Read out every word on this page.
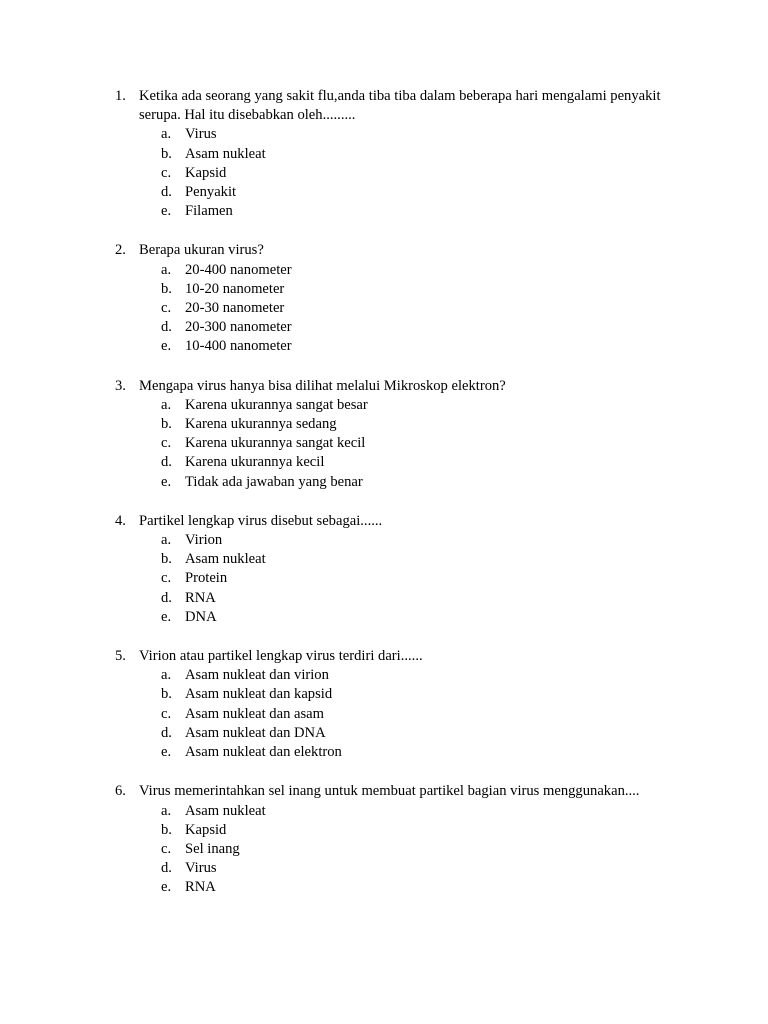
1. Ketika ada seorang yang sakit flu,anda tiba tiba dalam beberapa hari mengalami penyakit serupa. Hal itu disebabkan oleh.........
a. Virus
b. Asam nukleat
c. Kapsid
d. Penyakit
e. Filamen
2. Berapa ukuran virus?
a. 20-400 nanometer
b. 10-20 nanometer
c. 20-30 nanometer
d. 20-300 nanometer
e. 10-400 nanometer
3. Mengapa virus hanya bisa dilihat melalui Mikroskop elektron?
a. Karena ukurannya sangat besar
b. Karena ukurannya sedang
c. Karena ukurannya sangat kecil
d. Karena ukurannya kecil
e. Tidak ada jawaban yang benar
4. Partikel lengkap virus disebut sebagai......
a. Virion
b. Asam nukleat
c. Protein
d. RNA
e. DNA
5. Virion atau partikel lengkap virus terdiri dari......
a. Asam nukleat dan virion
b. Asam nukleat dan kapsid
c. Asam nukleat dan asam
d. Asam nukleat dan DNA
e. Asam nukleat dan elektron
6. Virus memerintahkan sel inang untuk membuat partikel bagian virus menggunakan....
a. Asam nukleat
b. Kapsid
c. Sel inang
d. Virus
e. RNA
